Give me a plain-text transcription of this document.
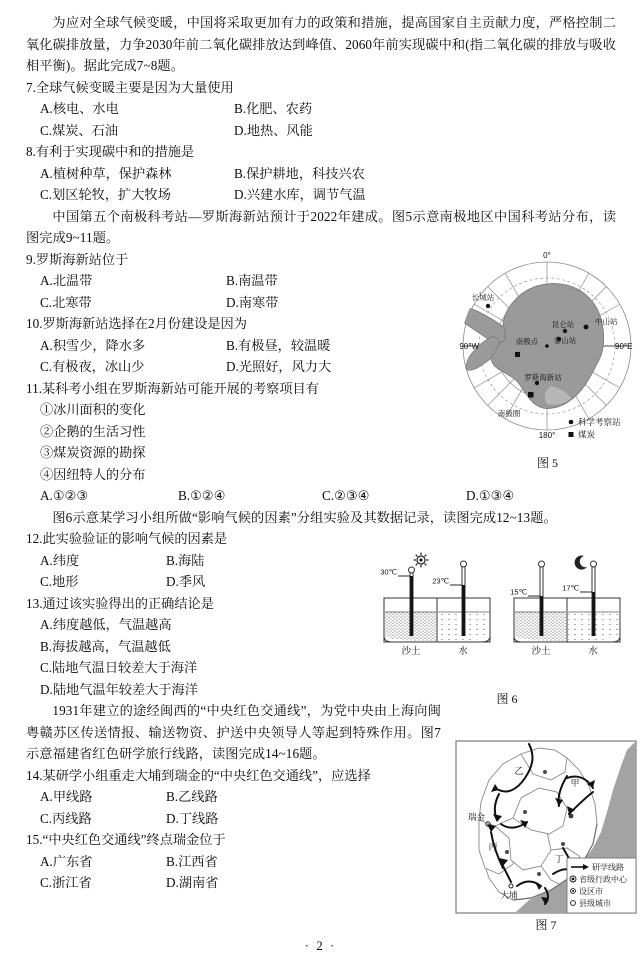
为应对全球气候变暖，中国将采取更加有力的政策和措施，提高国家自主贡献力度，严格控制二氧化碳排放量，力争2030年前二氧化碳排放达到峰值、2060年前实现碳中和(指二氧化碳的排放与吸收相平衡)。据此完成7~8题。

7.全球气候变暖主要是因为大量使用
A.核电、水电	B.化肥、农药
C.煤炭、石油	D.地热、风能
8.有利于实现碳中和的措施是
A.植树种草，保护森林	B.保护耕地，科技兴农
C.划区轮牧，扩大牧场	D.兴建水库，调节气温

中国第五个南极科考站—罗斯海新站预计于2022年建成。图5示意南极地区中国科考站分布，读图完成9~11题。

9.罗斯海新站位于
A.北温带	B.南温带
C.北寒带	D.南寒带
10.罗斯海新站选择在2月份建设是因为
A.积雪少，降水多	B.有极昼，较温暖
C.有极夜，冰山少	D.光照好，风力大
11.某科考小组在罗斯海新站可能开展的考察项目有
①冰川面积的变化
②企鹅的生活习性
③煤炭资源的勘探
④因纽特人的分布
A.①②③	B.①②④	C.②③④	D.①③④

图6示意某学习小组所做“影响气候的因素”分组实验及其数据记录，读图完成12~13题。

12.此实验验证的影响气候的因素是
A.纬度	B.海陆
C.地形	D.季风
13.通过该实验得出的正确结论是
A.纬度越低，气温越高
B.海拔越高，气温越低
C.陆地气温日较差大于海洋
D.陆地气温年较差大于海洋

1931年建立的途经闽西的“中央红色交通线”，为党中央由上海向闽粤赣苏区传送情报、输送物资、护送中央领导人等起到特殊作用。图7示意福建省红色研学旅行线路，读图完成14~16题。

14.某研学小组重走大埔到瑞金的“中央红色交通线”，应选择
A.甲线路	B.乙线路
C.丙线路	D.丁线路
15.“中央红色交通线”终点瑞金位于
A.广东省	B.江西省
C.浙江省	D.湖南省
0°
90°E
90°W
180°
长城站
中山站
昆仑站
泰山站
罗斯海新站
南极点
南极圈
科学考察站
煤炭
图 5
30℃
23℃
沙土	水
15℃	17℃
沙土	水
图 6
乙
甲
丙
丁
瑞金
大埔
研学线路
省级行政中心
设区市
县级城市
图 7
· 2 ·
